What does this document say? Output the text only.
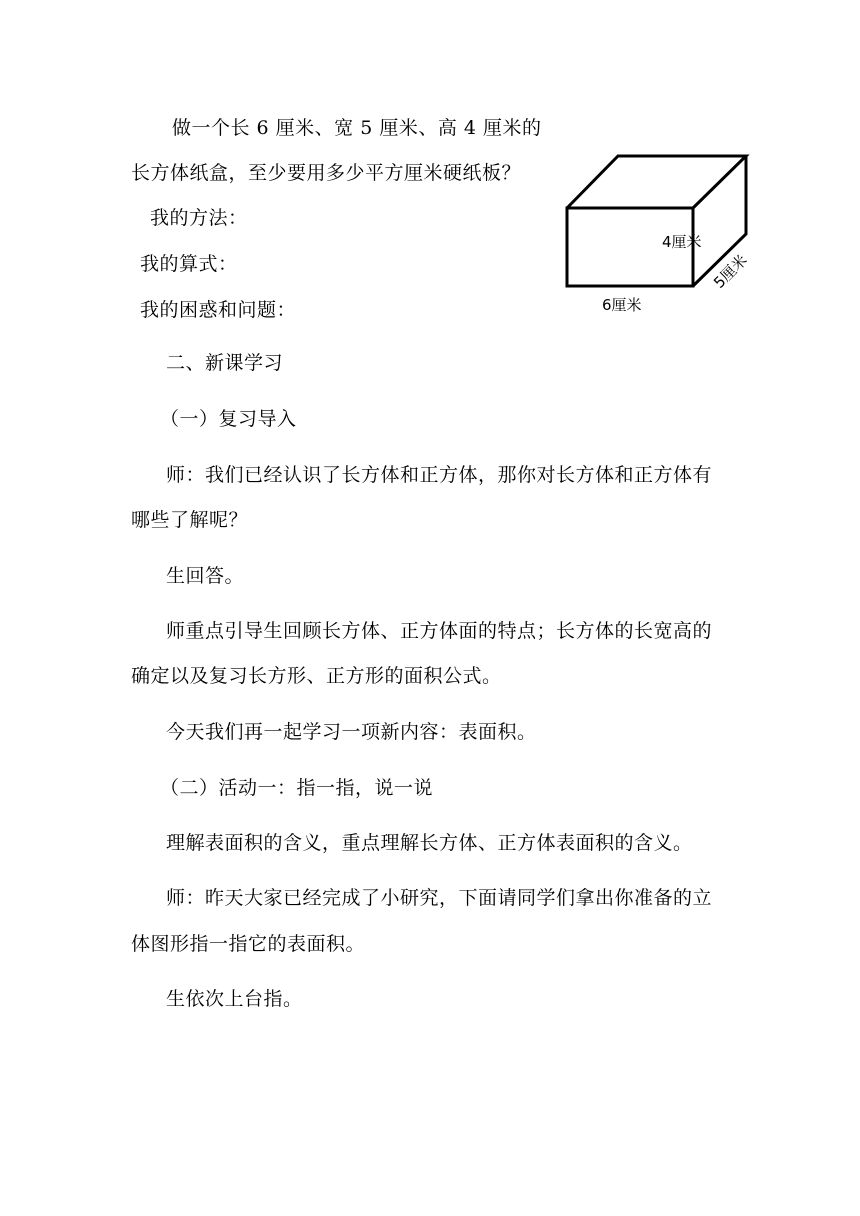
做一个长 6 厘米、宽 5 厘米、高 4 厘米的
长方体纸盒，至少要用多少平方厘米硬纸板？
我的方法：
我的算式：
我的困惑和问题：
4厘米
5厘米
6厘米
二、新课学习
（一）复习导入
师：我们已经认识了长方体和正方体，那你对长方体和正方体有
哪些了解呢？
生回答。
师重点引导生回顾长方体、正方体面的特点；长方体的长宽高的
确定以及复习长方形、正方形的面积公式。
今天我们再一起学习一项新内容：表面积。
（二）活动一：指一指，说一说
理解表面积的含义，重点理解长方体、正方体表面积的含义。
师：昨天大家已经完成了小研究，下面请同学们拿出你准备的立
体图形指一指它的表面积。
生依次上台指。
